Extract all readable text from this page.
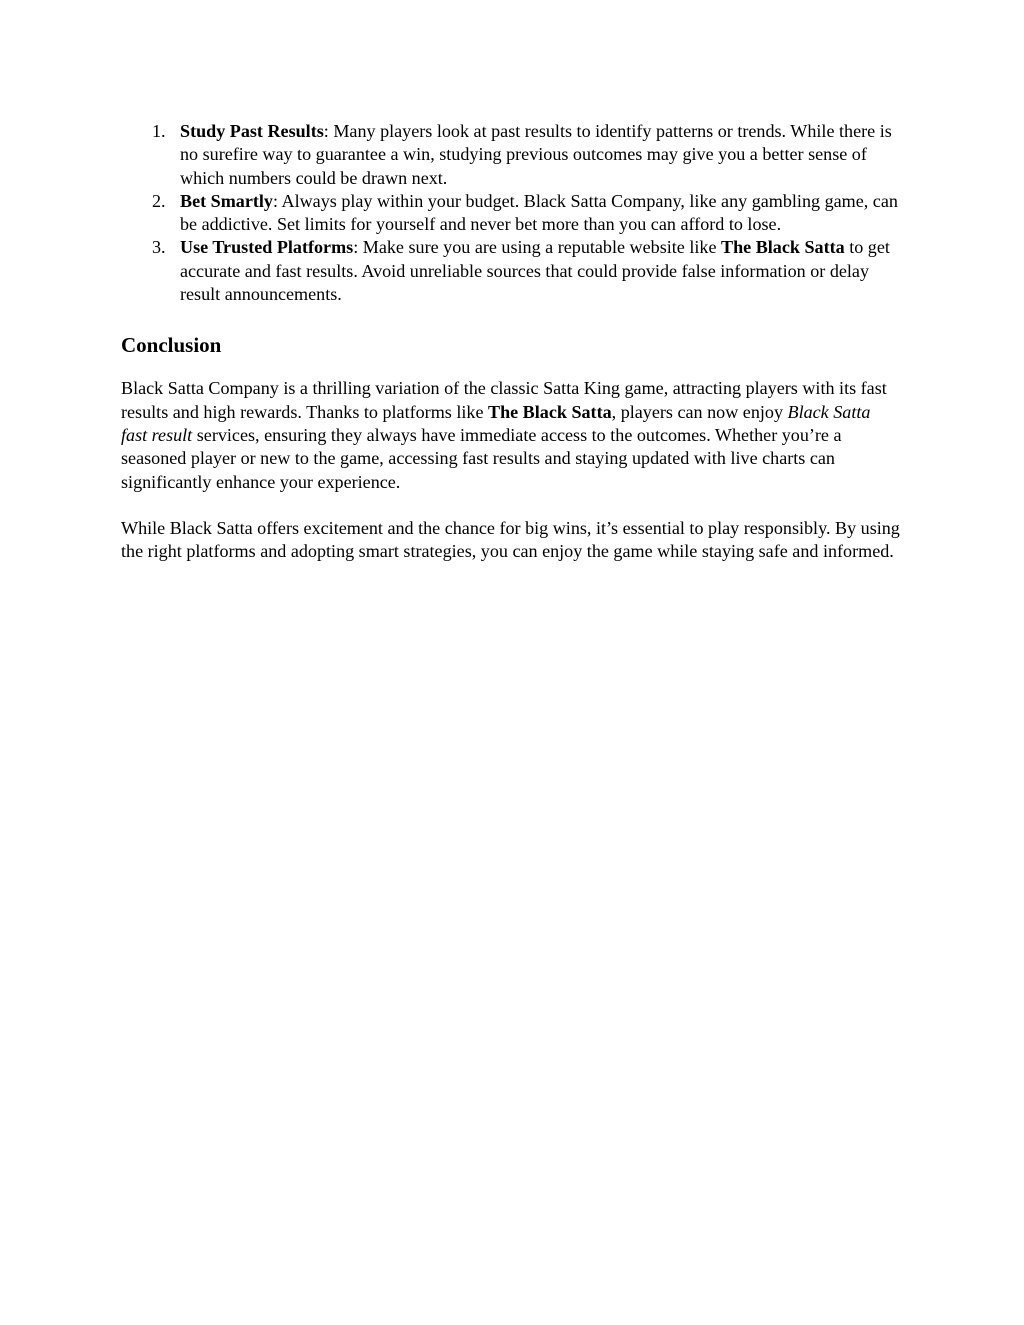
1. Study Past Results: Many players look at past results to identify patterns or trends. While there is no surefire way to guarantee a win, studying previous outcomes may give you a better sense of which numbers could be drawn next.
2. Bet Smartly: Always play within your budget. Black Satta Company, like any gambling game, can be addictive. Set limits for yourself and never bet more than you can afford to lose.
3. Use Trusted Platforms: Make sure you are using a reputable website like The Black Satta to get accurate and fast results. Avoid unreliable sources that could provide false information or delay result announcements.
Conclusion

Black Satta Company is a thrilling variation of the classic Satta King game, attracting players with its fast results and high rewards. Thanks to platforms like The Black Satta, players can now enjoy Black Satta fast result services, ensuring they always have immediate access to the outcomes. Whether you’re a seasoned player or new to the game, accessing fast results and staying updated with live charts can significantly enhance your experience.

While Black Satta offers excitement and the chance for big wins, it’s essential to play responsibly. By using the right platforms and adopting smart strategies, you can enjoy the game while staying safe and informed.
